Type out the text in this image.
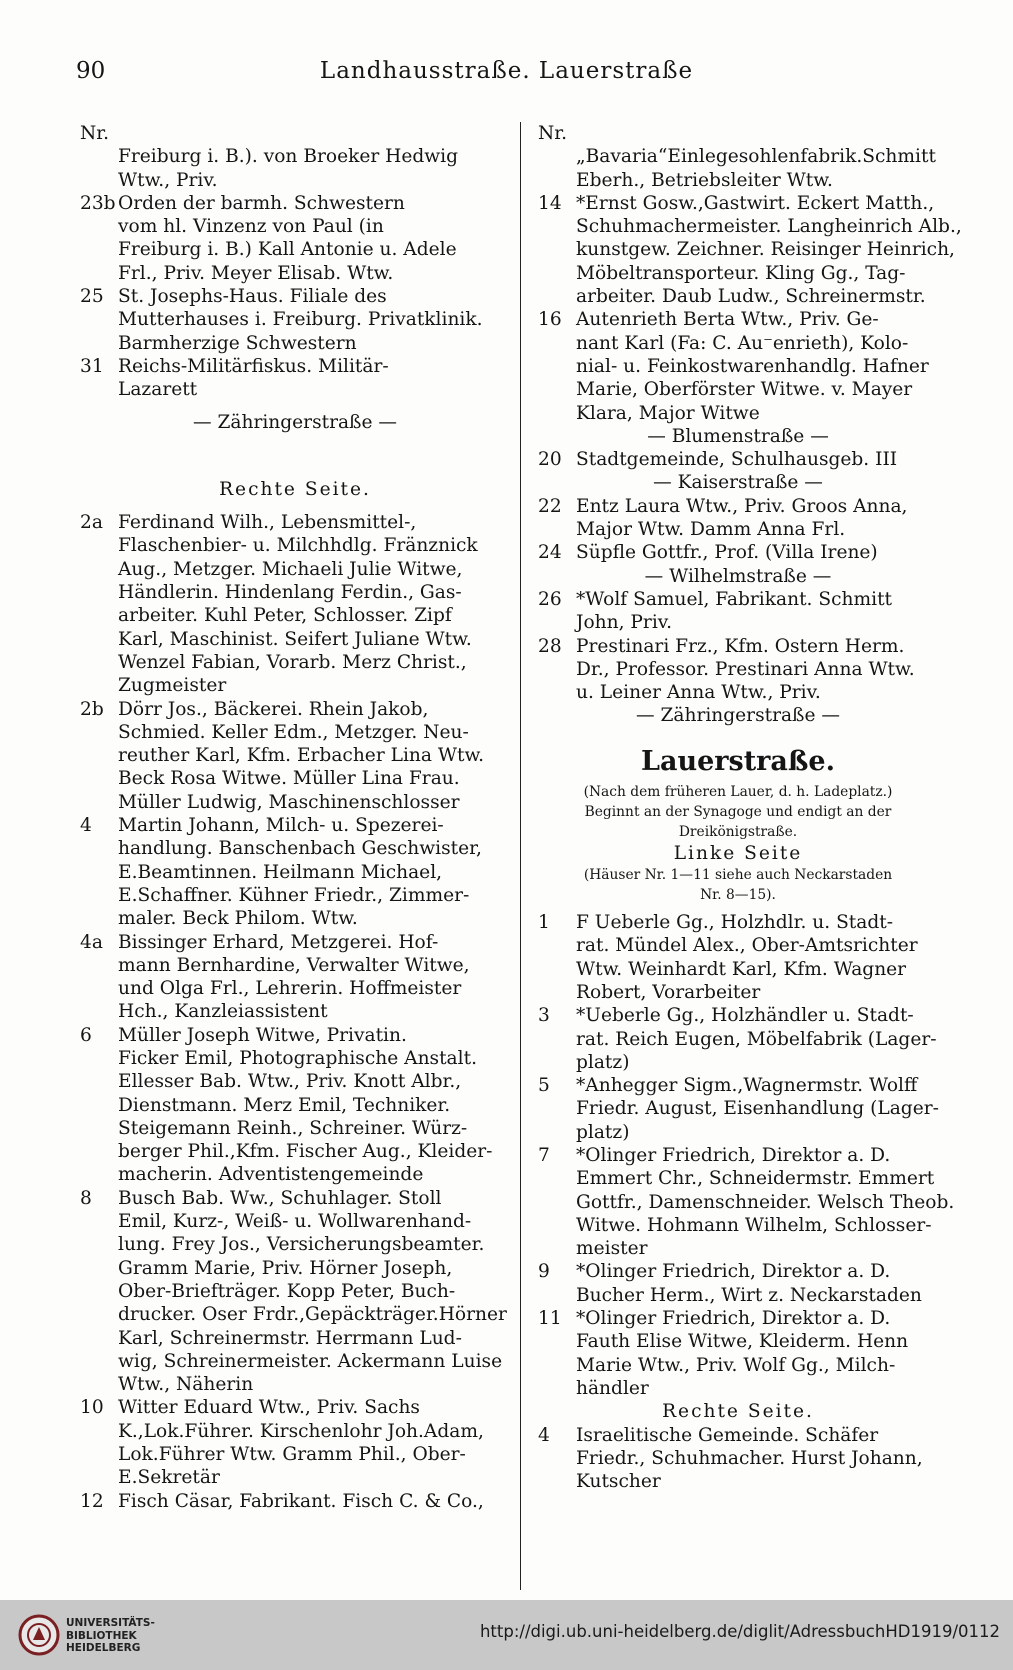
90	Landhausstraße. Lauerstraße
Nr.
Freiburg i. B.). von Broeker Hedwig
Wtw., Priv.
23b Orden der barmh. Schwestern
vom hl. Vinzenz von Paul (in
Freiburg i. B.) Kall Antonie u. Adele
Frl., Priv. Meyer Elisab. Wtw.
25 St. Josephs-Haus. Filiale des
Mutterhauses i. Freiburg. Privatklinik.
Barmherzige Schwestern
31 Reichs-Militärfiskus. Militär-
Lazarett
— Zähringerstraße —
Rechte Seite.
2a Ferdinand Wilh., Lebensmittel-,
Flaschenbier- u. Milchhdlg. Fränznick
Aug., Metzger. Michaeli Julie Witwe,
Händlerin. Hindenlang Ferdin., Gas-
arbeiter. Kuhl Peter, Schlosser. Zipf
Karl, Maschinist. Seifert Juliane Wtw.
Wenzel Fabian, Vorarb. Merz Christ.,
Zugmeister
2b Dörr Jos., Bäckerei. Rhein Jakob,
Schmied. Keller Edm., Metzger. Neu-
reuther Karl, Kfm. Erbacher Lina Wtw.
Beck Rosa Witwe. Müller Lina Frau.
Müller Ludwig, Maschinenschlosser
4	Martin Johann, Milch- u. Spezerei-
handlung. Banschenbach Geschwister,
E.Beamtinnen. Heilmann Michael,
E.Schaffner. Kühner Friedr., Zimmer-
maler. Beck Philom. Wtw.
4a Bissinger Erhard, Metzgerei. Hof-
mann Bernhardine, Verwalter Witwe,
und Olga Frl., Lehrerin. Hoffmeister
Hch., Kanzleiassistent
6	Müller Joseph Witwe, Privatin.
Ficker Emil, Photographische Anstalt.
Ellesser Bab. Wtw., Priv. Knott Albr.,
Dienstmann. Merz Emil, Techniker.
Steigemann Reinh., Schreiner. Würz-
berger Phil.,Kfm. Fischer Aug., Kleider-
macherin. Adventistengemeinde
8	Busch Bab. Ww., Schuhlager. Stoll
Emil, Kurz-, Weiß- u. Wollwarenhand-
lung. Frey Jos., Versicherungsbeamter.
Gramm Marie, Priv. Hörner Joseph,
Ober-Briefträger. Kopp Peter, Buch-
drucker. Oser Frdr.,Gepäckträger.Hörner
Karl, Schreinermstr. Herrmann Lud-
wig, Schreinermeister. Ackermann Luise
Wtw., Näherin
10 Witter Eduard Wtw., Priv. Sachs
K.,Lok.Führer. Kirschenlohr Joh.Adam,
Lok.Führer Wtw. Gramm Phil., Ober-
E.Sekretär
12 Fisch Cäsar, Fabrikant. Fisch C. & Co.,
Nr.
„Bavaria“Einlegesohlenfabrik.Schmitt
Eberh., Betriebsleiter Wtw.
14 *Ernst Gosw.,Gastwirt. Eckert Matth.,
Schuhmachermeister. Langheinrich Alb.,
kunstgew. Zeichner. Reisinger Heinrich,
Möbeltransporteur. Kling Gg., Tag-
arbeiter. Daub Ludw., Schreinermstr.
16 Autenrieth Berta Wtw., Priv. Ge-
nant Karl (Fa: C. Au⁻enrieth), Kolo-
nial- u. Feinkostwarenhandlg. Hafner
Marie, Oberförster Witwe. v. Mayer
Klara, Major Witwe
— Blumenstraße —
20 Stadtgemeinde, Schulhausgeb. III
— Kaiserstraße —
22 Entz Laura Wtw., Priv. Groos Anna,
Major Wtw. Damm Anna Frl.
24 Süpfle Gottfr., Prof. (Villa Irene)
— Wilhelmstraße —
26 *Wolf Samuel, Fabrikant. Schmitt
John, Priv.
28 Prestinari Frz., Kfm. Ostern Herm.
Dr., Professor. Prestinari Anna Wtw.
u. Leiner Anna Wtw., Priv.
— Zähringerstraße —
Lauerstraße.
(Nach dem früheren Lauer, d. h. Ladeplatz.)
Beginnt an der Synagoge und endigt an der
Dreikönigstraße.
Linke Seite
(Häuser Nr. 1—11 siehe auch Neckarstaden
Nr. 8—15).
1	F Ueberle Gg., Holzhdlr. u. Stadt-
rat. Mündel Alex., Ober-Amtsrichter
Wtw. Weinhardt Karl, Kfm. Wagner
Robert, Vorarbeiter
3	*Ueberle Gg., Holzhändler u. Stadt-
rat. Reich Eugen, Möbelfabrik (Lager-
platz)
5	*Anhegger Sigm.,Wagnermstr. Wolff
Friedr. August, Eisenhandlung (Lager-
platz)
7	*Olinger Friedrich, Direktor a. D.
Emmert Chr., Schneidermstr. Emmert
Gottfr., Damenschneider. Welsch Theob.
Witwe. Hohmann Wilhelm, Schlosser-
meister
9	*Olinger Friedrich, Direktor a. D.
Bucher Herm., Wirt z. Neckarstaden
11 *Olinger Friedrich, Direktor a. D.
Fauth Elise Witwe, Kleiderm. Henn
Marie Wtw., Priv. Wolf Gg., Milch-
händler
Rechte Seite.
4	Israelitische Gemeinde. Schäfer
Friedr., Schuhmacher. Hurst Johann,
Kutscher
UNIVERSITÄTS-
BIBLIOTHEK
HEIDELBERG
http://digi.ub.uni-heidelberg.de/diglit/AdressbuchHD1919/0112
